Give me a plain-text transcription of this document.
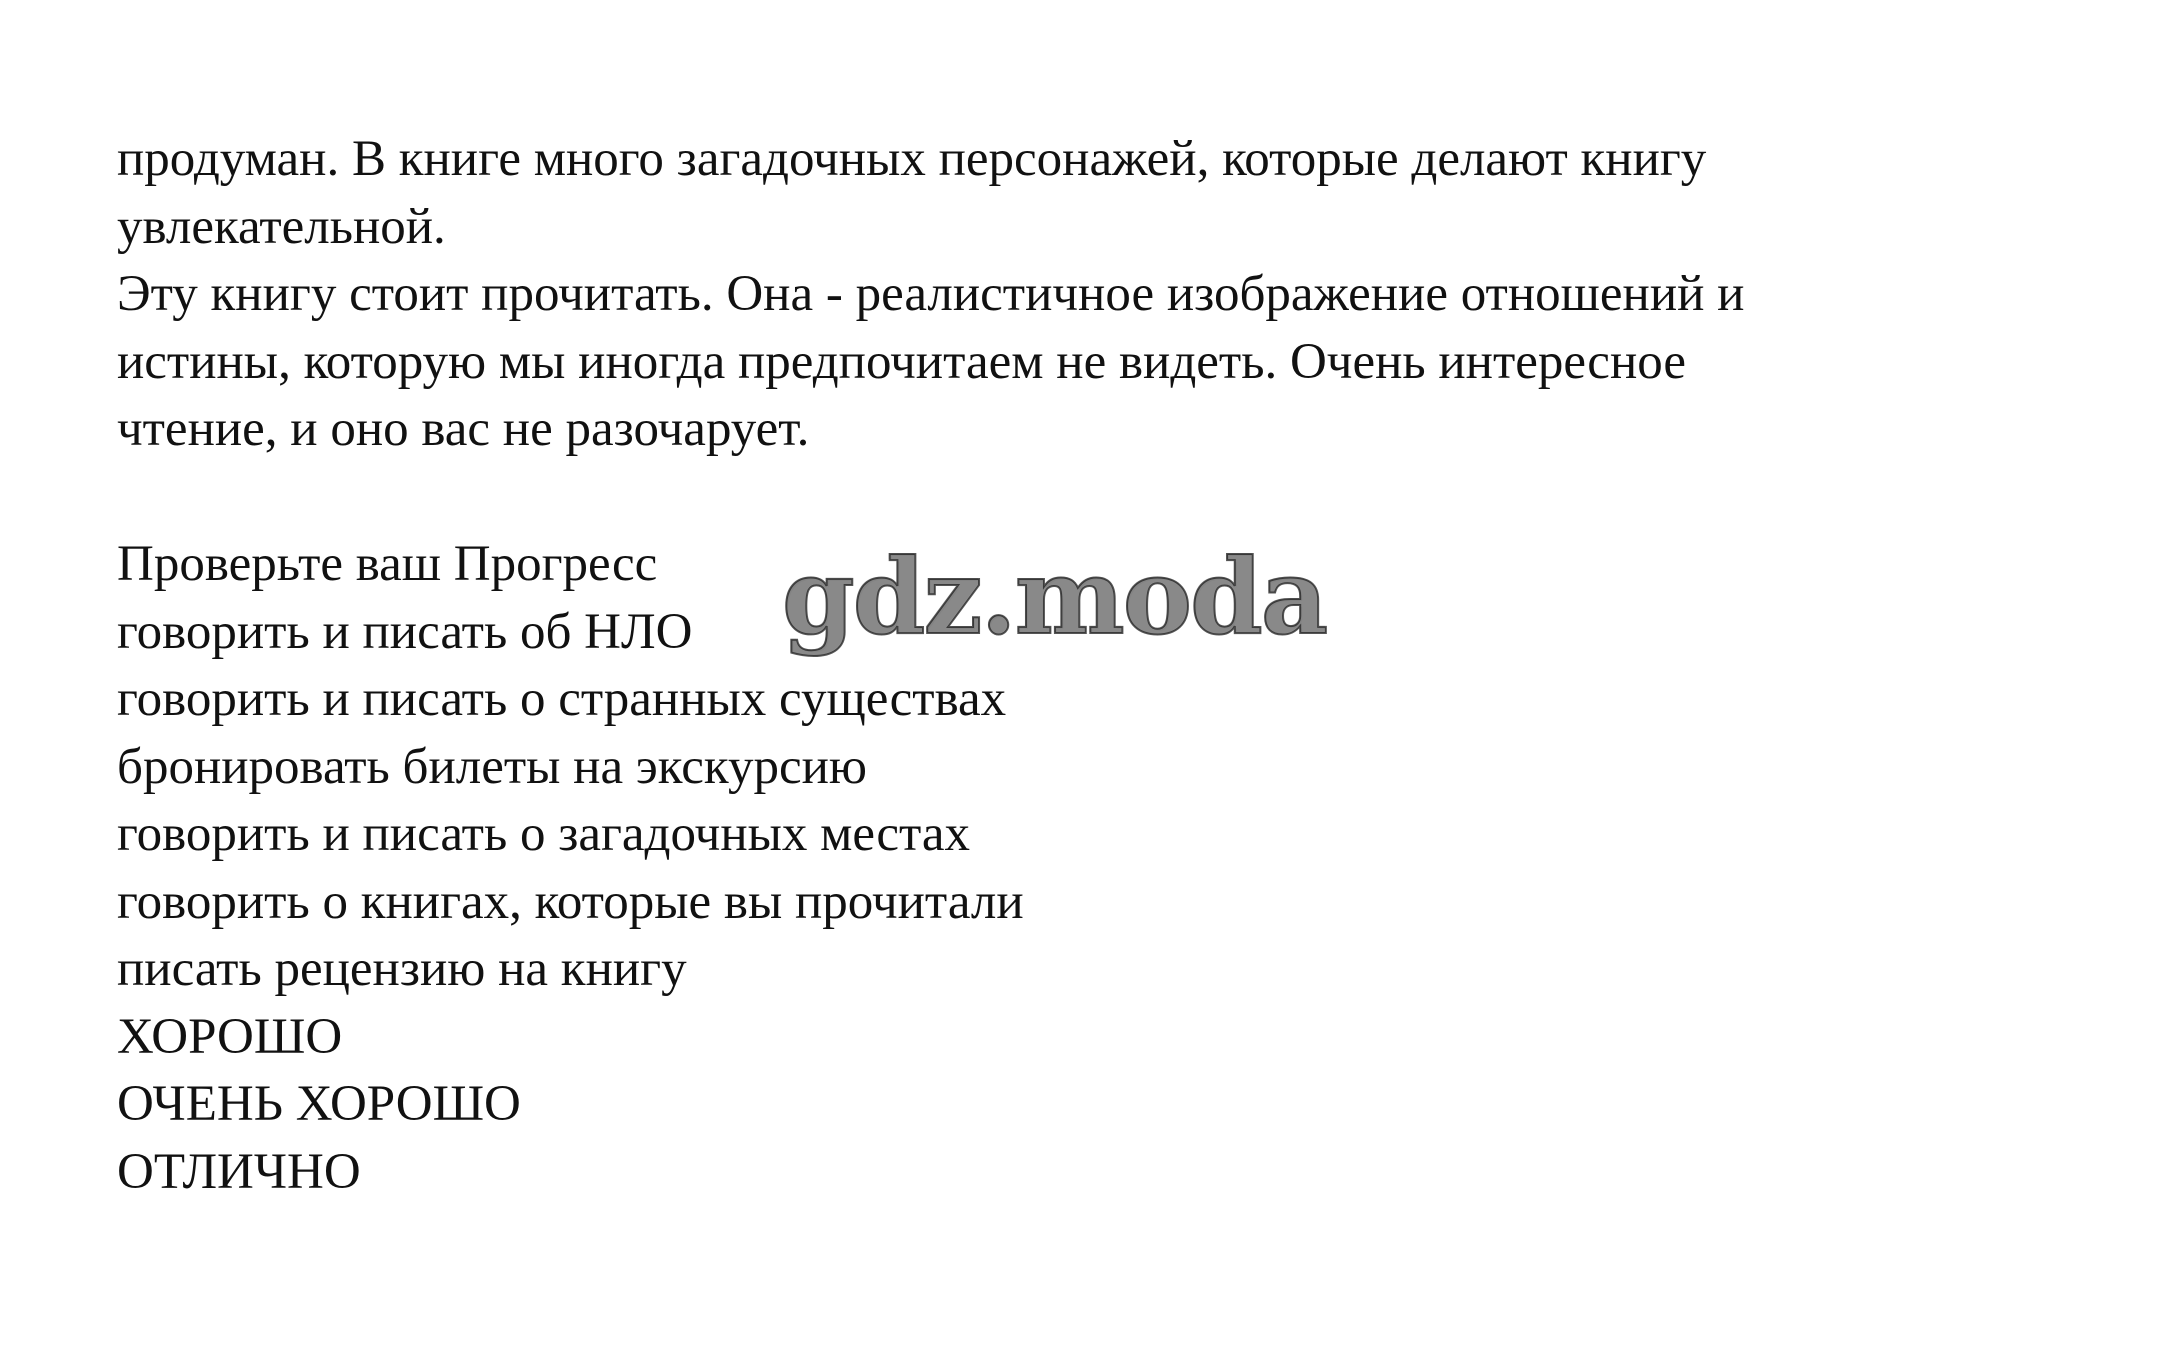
продуман. В книге много загадочных персонажей, которые делают книгу
увлекательной.
Эту книгу стоит прочитать. Она - реалистичное изображение отношений и
истины, которую мы иногда предпочитаем не видеть. Очень интересное
чтение, и оно вас не разочарует.
Проверьте ваш Прогресс
говорить и писать об НЛО
говорить и писать о странных существах
бронировать билеты на экскурсию
говорить и писать о загадочных местах
говорить о книгах, которые вы прочитали
писать рецензию на книгу
ХОРОШО
ОЧЕНЬ ХОРОШО
ОТЛИЧНО
gdz.moda
